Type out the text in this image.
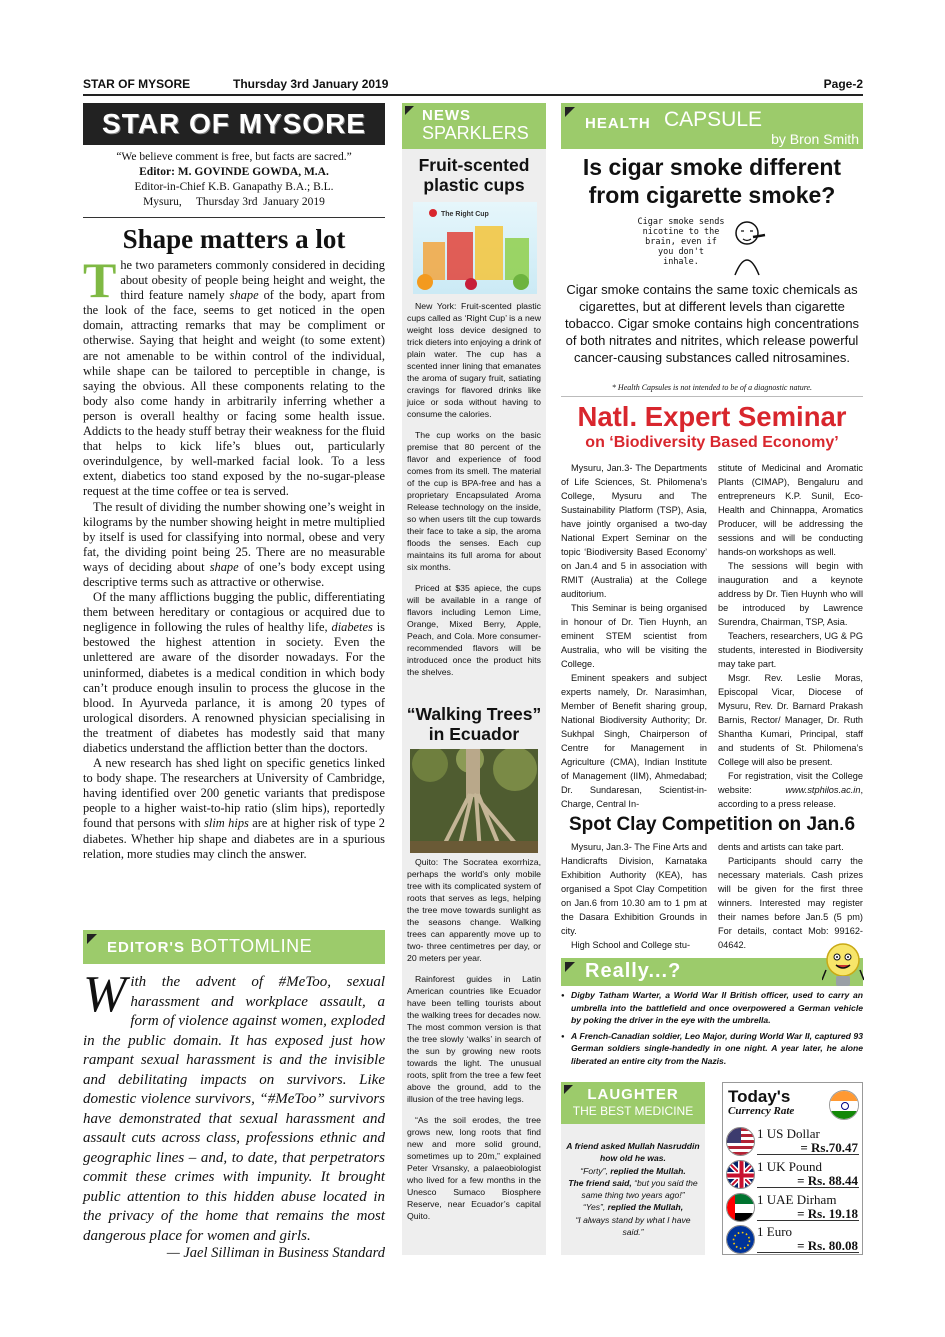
STAR OF MYSORE	Thursday 3rd January 2019	Page-2
STAR OF MYSORE
“We believe comment is free, but facts are sacred.”
Editor: M. GOVINDE GOWDA, M.A.
Editor-in-Chief K.B. Ganapathy B.A.; B.L.
Mysuru,     Thursday 3rd  January 2019
Shape matters a lot

The two parameters commonly considered in deciding about obesity of people being height and weight, the third feature namely shape of the body, apart from the look of the face, seems to get noticed in the open domain, attracting remarks that may be compliment or otherwise. Saying that height and weight (to some extent) are not amenable to be within control of the individual, while shape can be tailored to perceptible in change, is saying the obvious. All these components relating to the body also come handy in arbitrarily inferring whether a person is overall healthy or facing some health issue. Addicts to the heady stuff betray their weakness for the fluid that helps to kick life’s blues out, particularly overindulgence, by well-marked facial look. To a less extent, diabetics too stand exposed by the no-sugar-please request at the time coffee or tea is served.

The result of dividing the number showing one’s weight in kilograms by the number showing height in metre multiplied by itself is used for classifying into normal, obese and very fat, the dividing point being 25. There are no measurable ways of deciding about shape of one’s body except using descriptive terms such as attractive or otherwise.

Of the many afflictions bugging the public, differentiating them between hereditary or contagious or acquired due to negligence in following the rules of healthy life, diabetes is bestowed the highest attention in society. Even the unlettered are aware of the disorder nowadays. For the uninformed, diabetes is a medical condition in which body can’t produce enough insulin to process the glucose in the blood. In Ayurveda parlance, it is among 20 types of urological disorders. A renowned physician specialising in the treatment of diabetes has modestly said that many diabetics understand the affliction better than the doctors.

A new research has shed light on specific genetics linked to body shape. The researchers at University of Cambridge, having identified over 200 genetic variants that predispose people to a higher waist-to-hip ratio (slim hips), reportedly found that persons with slim hips are at higher risk of type 2 diabetes. Whether hip shape and diabetes are in a spurious relation, more studies may clinch the answer.

EDITOR'S BOTTOMLINE
With the advent of #MeToo, sexual harassment and workplace assault, a form of violence against women, exploded in the public domain. It has exposed just how rampant sexual harassment is and the invisible and debilitating impacts on survivors. Like domestic violence survivors, “#MeToo” survivors have demonstrated that sexual harassment and assault cuts across class, professions ethnic and geographic lines – and, to date, that perpetrators commit these crimes with impunity. It brought public attention to this hidden abuse located in the privacy of the home that remains the most dangerous place for women and girls.
— Jael Silliman in Business Standard
NEWS
SPARKLERS
Fruit-scented plastic cups
The Right Cup

New York: Fruit-scented plastic cups called as ‘Right Cup’ is a new weight loss device designed to trick dieters into enjoying a drink of plain water. The cup has a scented inner lining that emanates the aroma of sugary fruit, satiating cravings for flavored drinks like juice or soda without having to consume the calories.

The cup works on the basic premise that 80 percent of the flavor and experience of food comes from its smell. The material of the cup is BPA-free and has a proprietary Encapsulated Aroma Release technology on the inside, so when users tilt the cup towards their face to take a sip, the aroma floods the senses. Each cup maintains its full aroma for about six months.

Priced at $35 apiece, the cups will be available in a range of flavors including Lemon Lime, Orange, Mixed Berry, Apple, Peach, and Cola. More consumer-recommended flavors will be introduced once the product hits the shelves.

“Walking Trees” in Ecuador

Quito: The Socratea exorrhiza, perhaps the world’s only mobile tree with its complicated system of roots that serves as legs, helping the tree move towards sunlight as the seasons change. Walking trees can apparently move up to two- three centimetres per day, or 20 meters per year.

Rainforest guides in Latin American countries like Ecuador have been telling tourists about the walking trees for decades now. The most common version is that the tree slowly ‘walks’ in search of the sun by growing new roots towards the light. The unusual roots, split from the tree a few feet above the ground, add to the illusion of the tree having legs.

“As the soil erodes, the tree grows new, long roots that find new and more solid ground, sometimes up to 20m,” explained Peter Vrsansky, a palaeobiologist who lived for a few months in the Unesco Sumaco Biosphere Reserve, near Ecuador’s capital Quito.

HEALTH CAPSULE
by Bron Smith
Is cigar smoke different from cigarette smoke?
Cigar smoke sends
nicotine to the
brain, even if
you don't
inhale.
Cigar smoke contains the same toxic chemicals as cigarettes, but at different levels than cigarette tobacco. Cigar smoke contains high concentrations of both nitrates and nitrites, which release powerful cancer-causing substances called nitrosamines.
* Health Capsules is not intended to be of a diagnostic nature.
Natl. Expert Seminar
on ‘Biodiversity Based Economy’

Mysuru, Jan.3- The Departments of Life Sciences, St. Philomena’s College, Mysuru and The Sustainability Platform (TSP), Asia, have jointly organised a two-day National Expert Seminar on the topic ‘Biodiversity Based Economy’ on Jan.4 and 5 in association with RMIT (Australia) at the College auditorium.

This Seminar is being organised in honour of Dr. Tien Huynh, an eminent STEM scientist from Australia, who will be visiting the College.

Eminent speakers and subject experts namely, Dr. Narasimhan, Member of Benefit sharing group, National Biodiversity Authority; Dr. Sukhpal Singh, Chairperson of Centre for Management in Agriculture (CMA), Indian Institute of Management (IIM), Ahmedabad; Dr. Sundaresan, Scientist-in-Charge, Central In-

stitute of Medicinal and Aromatic Plants (CIMAP), Bengaluru and entrepreneurs K.P. Sunil, Eco-Health and Chinnappa, Aromatics Producer, will be addressing the sessions and will be conducting hands-on workshops as well.

The sessions will begin with inauguration and a keynote address by Dr. Tien Huynh who will be introduced by Lawrence Surendra, Chairman, TSP, Asia.

Teachers, researchers, UG & PG students, interested in Biodiversity may take part.

Msgr. Rev. Leslie Moras, Episcopal Vicar, Diocese of Mysuru, Rev. Dr. Barnard Prakash Barnis, Rector/ Manager, Dr. Ruth Shantha Kumari, Principal, staff and students of St. Philomena’s College will also be present.

For registration, visit the College website: www.stphilos.ac.in, according to a press release.

Spot Clay Competition on Jan.6

Mysuru, Jan.3- The Fine Arts and Handicrafts Division, Karnataka Exhibition Authority (KEA), has organised a Spot Clay Competition on Jan.6 from 10.30 am to 1 pm at the Dasara Exhibition Grounds in city.

High School and College stu-

dents and artists can take part.

Participants should carry the necessary materials. Cash prizes will be given for the first three winners. Interested may register their names before Jan.5 (5 pm) For details, contact Mob: 99162-04642.

Really...?
● Digby Tatham Warter, a World War II British officer, used to carry an umbrella into the battlefield and once overpowered a German vehicle by poking the driver in the eye with the umbrella.
● A French-Canadian soldier, Leo Major, during World War II, captured 93 German soldiers single-handedly in one night. A year later, he alone liberated an entire city from the Nazis.
LAUGHTER
THE BEST MEDICINE
A friend asked Mullah Nasruddin how old he was.
“Forty”, replied the Mullah.
The friend said, “but you said the same thing two years ago!”
“Yes”, replied the Mullah,
“I always stand by what I have said.”
Today's
Currency Rate
1 US Dollar
= Rs.70.47
1 UK Pound
= Rs. 88.44
1 UAE Dirham
= Rs. 19.18
1 Euro
= Rs. 80.08
